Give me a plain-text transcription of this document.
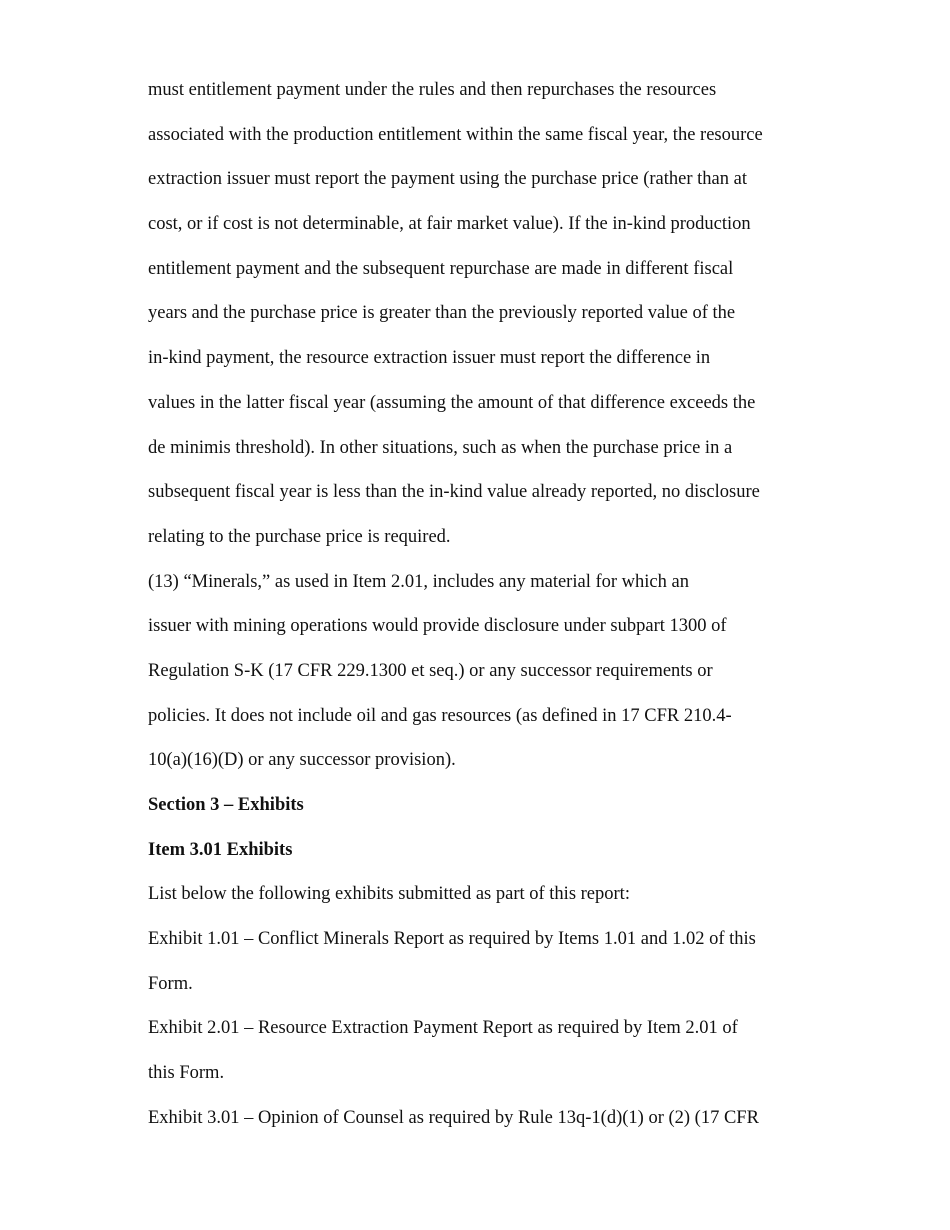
must entitlement payment under the rules and then repurchases the resources
associated with the production entitlement within the same fiscal year, the resource
extraction issuer must report the payment using the purchase price (rather than at
cost, or if cost is not determinable, at fair market value). If the in-kind production
entitlement payment and the subsequent repurchase are made in different fiscal
years and the purchase price is greater than the previously reported value of the
in-kind payment, the resource extraction issuer must report the difference in
values in the latter fiscal year (assuming the amount of that difference exceeds the
de minimis threshold). In other situations, such as when the purchase price in a
subsequent fiscal year is less than the in-kind value already reported, no disclosure
relating to the purchase price is required.
(13) “Minerals,” as used in Item 2.01, includes any material for which an
issuer with mining operations would provide disclosure under subpart 1300 of
Regulation S-K (17 CFR 229.1300 et seq.) or any successor requirements or
policies. It does not include oil and gas resources (as defined in 17 CFR 210.4-
10(a)(16)(D) or any successor provision).
Section 3 – Exhibits
Item 3.01 Exhibits
List below the following exhibits submitted as part of this report:
Exhibit 1.01 – Conflict Minerals Report as required by Items 1.01 and 1.02 of this
Form.
Exhibit 2.01 – Resource Extraction Payment Report as required by Item 2.01 of
this Form.
Exhibit 3.01 – Opinion of Counsel as required by Rule 13q-1(d)(1) or (2) (17 CFR
